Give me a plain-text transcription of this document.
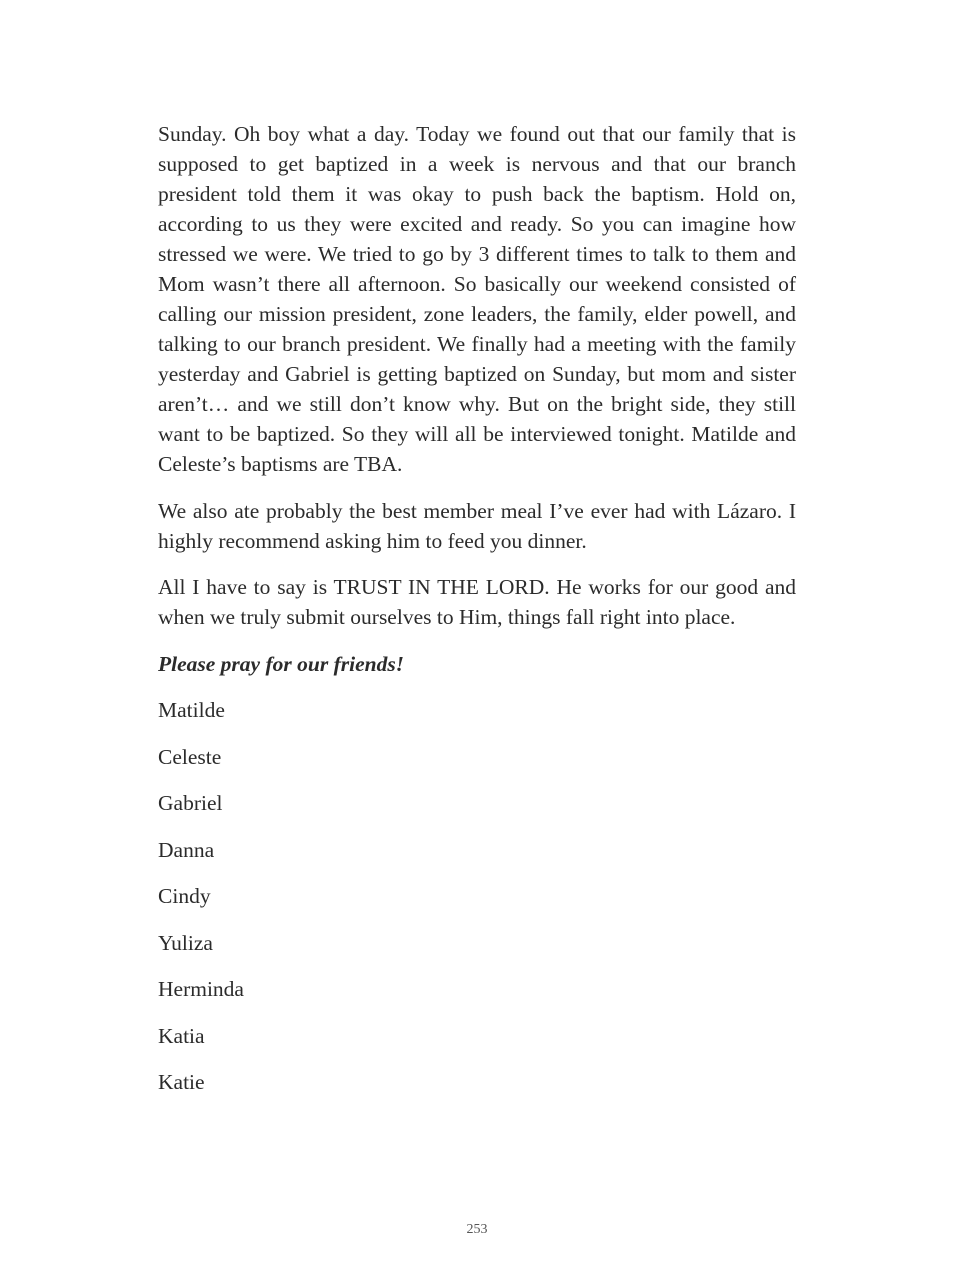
Sunday. Oh boy what a day. Today we found out that our family that is supposed to get baptized in a week is nervous and that our branch president told them it was okay to push back the baptism. Hold on, according to us they were excited and ready. So you can imagine how stressed we were. We tried to go by 3 different times to talk to them and Mom wasn’t there all afternoon. So basically our weekend consisted of calling our mission president, zone leaders, the family, elder powell, and talking to our branch president. We finally had a meeting with the family yesterday and Gabriel is getting baptized on Sunday, but mom and sister aren’t… and we still don’t know why. But on the bright side, they still want to be baptized. So they will all be interviewed tonight. Matilde and Celeste’s baptisms are TBA.

We also ate probably the best member meal I’ve ever had with Lázaro. I highly recommend asking him to feed you dinner.

All I have to say is TRUST IN THE LORD. He works for our good and when we truly submit ourselves to Him, things fall right into place.

Please pray for our friends!

Matilde
Celeste
Gabriel
Danna
Cindy
Yuliza
Herminda
Katia
Katie
253
